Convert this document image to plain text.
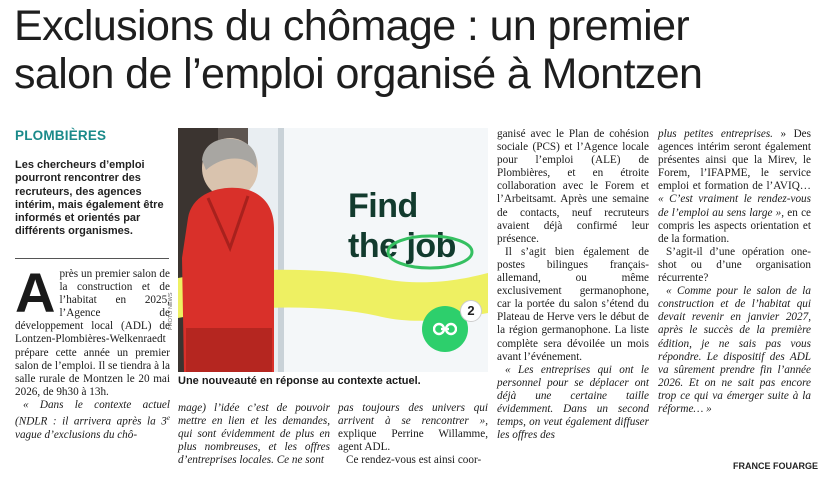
Exclusions du chômage : un premier
salon de l’emploi organisé à Montzen
PLOMBIÈRES
Les chercheurs d’emploi pourront rencontrer des recruteurs, des agences intérim, mais également être informés et orientés par différents organismes.
Find
the job
2
PHOTO NEWS
Une nouveauté en réponse au contexte actuel.

Après un premier salon de la construction et de l’habitat en 2025, l’Agence de développement local (ADL) de Lontzen-Plombières-Welkenraedt prépare cette année un premier salon de l’emploi. Il se tiendra à la salle rurale de Montzen le 20 mai 2026, de 9h30 à 13h.

« Dans le contexte actuel (NDLR : il arrivera après la 3e vague d’exclusions du chô-

mage) l’idée c’est de pouvoir mettre en lien et les demandes, qui sont évidemment de plus en plus nombreuses, et les offres d’entreprises locales. Ce ne sont

pas toujours des univers qui arrivent à se rencontrer », explique Perrine Willamme, agent ADL.

Ce rendez-vous est ainsi coor-

ganisé avec le Plan de cohésion sociale (PCS) et l’Agence locale pour l’emploi (ALE) de Plombières, et en étroite collaboration avec le Forem et l’Arbeitsamt. Après une semaine de contacts, neuf recruteurs avaient déjà confirmé leur présence.

Il s’agit bien également de postes bilingues français-allemand, ou même exclusivement germanophone, car la portée du salon s’étend du Plateau de Herve vers le début de la région germanophone. La liste complète sera dévoilée un mois avant l’événement.

« Les entreprises qui ont le personnel pour se déplacer ont déjà une certaine taille évidemment. Dans un second temps, on veut également diffuser les offres des

plus petites entreprises. » Des agences intérim seront également présentes ainsi que la Mirev, le Forem, l’IFAPME, le service emploi et formation de l’AVIQ… « C’est vraiment le rendez-vous de l’emploi au sens large », en ce compris les aspects orientation et de la formation.

S’agit-il d’une opération one-shot ou d’une organisation récurrente?

« Comme pour le salon de la construction et de l’habitat qui devait revenir en janvier 2027, après le succès de la première édition, je ne sais pas vous répondre. Le dispositif des ADL va sûrement prendre fin l’année 2026. Et on ne sait pas encore trop ce qui va émerger suite à la réforme… »

FRANCE FOUARGE
